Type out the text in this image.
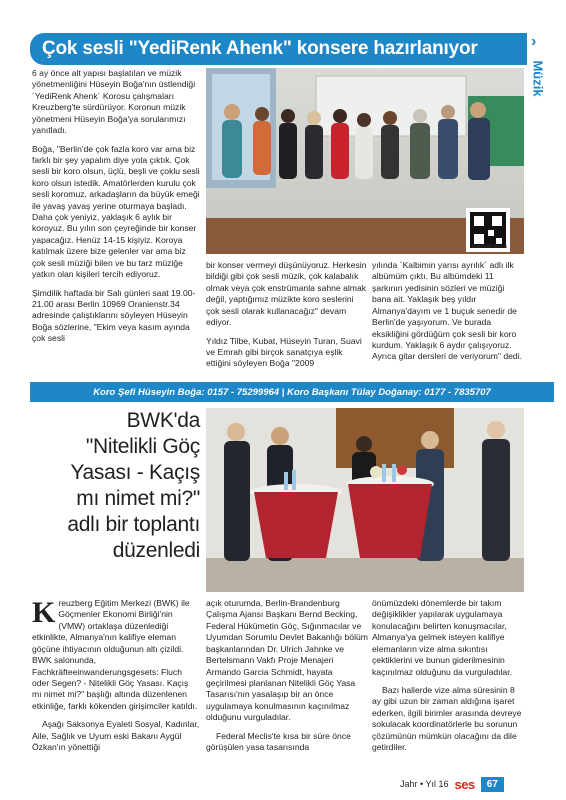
Çok sesli "YediRenk Ahenk" konsere hazırlanıyor	›
Müzik

6 ay önce alt yapısı başlatılan ve müzik yönetmenliğini Hüseyin Boğa'nın üstlendiği ´YediRenk Ahenk´ Korosu çalışmaları Kreuzberg'te sürdürüyor. Koronun müzik yönetmeni Hüseyin Boğa'ya sorularımızı yanıtladı.

Boğa, "Berlin'de çok fazla koro var ama biz farklı bir şey yapalım diye yola çıktık. Çok sesli bir koro olsun, üçlü, beşli ve çoklu sesli koro olsun istedik. Amatörlerden kurulu çok sesli koromuz, arkadaşların da büyük emeği ile yavaş yavaş yerine oturmaya başladı. Daha çok yeniyiz, yaklaşık 6 aylık bir koroyuz. Bu yılın son çeyreğinde bir konser yapacağız. Henüz 14-15 kişiyiz. Koroya katılmak üzere bize gelenler var ama biz çok sesli müziği bilen ve bu tarz müziğe yatkın olan kişileri tercih ediyoruz.

Şimdilik haftada bir Salı günleri saat 19.00-21.00 arası Berlin 10969 Oranienstr.34 adresinde çalıştıklarını söyleyen Hüseyin Boğa sözlerine, "Ekim veya kasım ayında çok sesli

YediRenk Ahenk

bir konser vermeyi düşünüyoruz. Herkesin bildiği gibi çok sesli müzik, çok kalabalık olmak veya çok enstrümanla sahne almak değil, yaptığımız müzikte koro seslerini çok sesli olarak kullanacağız" devam ediyor.

Yıldız Tilbe, Kubat, Hüseyin Turan, Suavi ve Emrah gibi birçok sanatçıya eşlik ettiğini söyleyen Boğa "2009

yılında ´Kalbimin yarısı ayrılık´ adlı ilk albümüm çıktı. Bu albümdeki 11 şarkının yedisinin sözleri ve müziği bana ait. Yaklaşık beş yıldır Almanya'dayım ve 1 buçuk senedir de Berlin'de yaşıyorum. Ve burada eksikliğini gördüğüm çok sesli bir koro kurdum. Yaklaşık 6 aydır çalışıyoruz. Ayrıca gitar dersleri de veriyorum" dedi.

Koro Şefi Hüseyin Boğa: 0157 - 75299964 | Koro Başkanı Tülay Doğanay: 0177 - 7835707
BWK'da
"Nitelikli Göç
Yasası - Kaçış
mı nimet mi?"
adlı bir toplantı
düzenledi

Kreuzberg Eğitim Merkezi (BWK) ile Göçmenler Ekonomi Birliği'nin (VMW) ortaklaşa düzenlediği etkinlikte, Almanya'nın kalifiye eleman göçüne ihtiyacının olduğunun altı çizildi. BWK salonunda, Fachkräfteeinwanderungsgesets: Fluch oder Segen? - Nitelikli Göç Yasası. Kaçış mı nimet mi?" başlığı altında düzenlenen etkinliğe, farklı kökenden girişimciler katıldı.

Aşağı Saksonya Eyaleti Sosyal, Kadınlar, Aile, Sağlık ve Uyum eski Bakanı Aygül Özkan'ın yönettiği

açık oturumda, Berlin-Brandenburg Çalışma Ajansı Başkanı Bernd Becking, Federal Hükümetin Göç, Sığınmacılar ve Uyumdan Sorumlu Devlet Bakanlığı bölüm başkanlarından Dr. Ulrich Jahnke ve Bertelsmann Vakfı Proje Menajeri Armando Garcia Schmidt, hayata geçirilmesi planlanan Nitelikli Göç Yasa Tasarısı'nın yasalaşıp bir an önce uygulamaya konulmasının kaçınılmaz olduğunu vurguladılar.

Federal Meclis'te kısa bir süre önce görüşülen yasa tasarısında

önümüzdeki dönemlerde bir takım değişiklikler yapılarak uygulamaya konulacağını belirten konuşmacılar, Almanya'ya gelmek isteyen kalifiye elemanların vize alma sıkıntısı çektiklerini ve bunun giderilmesinin kaçınılmaz olduğunu da vurguladılar.

Bazı hallerde vize alma süresinin 8 ay gibi uzun bir zaman aldığına işaret ederken, ilgili birimler arasında devreye sokulacak koordinatörlerle bu sorunun çözümünün mümkün olacağını da dile getirdiler.

Jahr • Yıl 16 ses	67
